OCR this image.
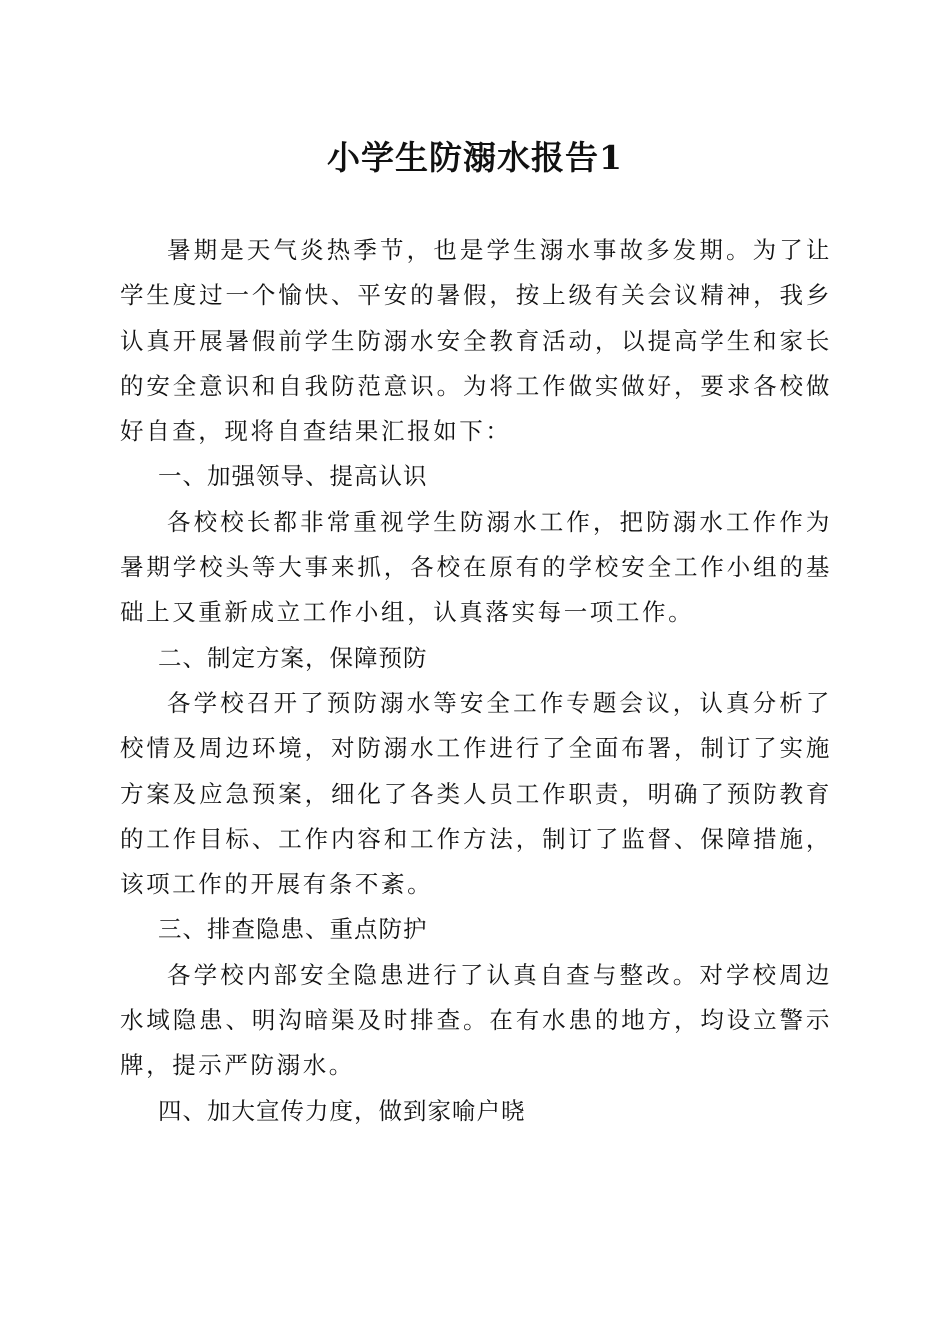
小学生防溺水报告1

暑期是天气炎热季节，也是学生溺水事故多发期。为了让学生度过一个愉快、平安的暑假，按上级有关会议精神，我乡认真开展暑假前学生防溺水安全教育活动，以提高学生和家长的安全意识和自我防范意识。为将工作做实做好，要求各校做好自查，现将自查结果汇报如下：

一、加强领导、提高认识

各校校长都非常重视学生防溺水工作，把防溺水工作作为暑期学校头等大事来抓，各校在原有的学校安全工作小组的基础上又重新成立工作小组，认真落实每一项工作。

二、制定方案，保障预防

各学校召开了预防溺水等安全工作专题会议，认真分析了校情及周边环境，对防溺水工作进行了全面布署，制订了实施方案及应急预案，细化了各类人员工作职责，明确了预防教育的工作目标、工作内容和工作方法，制订了监督、保障措施，该项工作的开展有条不紊。

三、排查隐患、重点防护

各学校内部安全隐患进行了认真自查与整改。对学校周边水域隐患、明沟暗渠及时排查。在有水患的地方，均设立警示牌，提示严防溺水。

四、加大宣传力度，做到家喻户晓
